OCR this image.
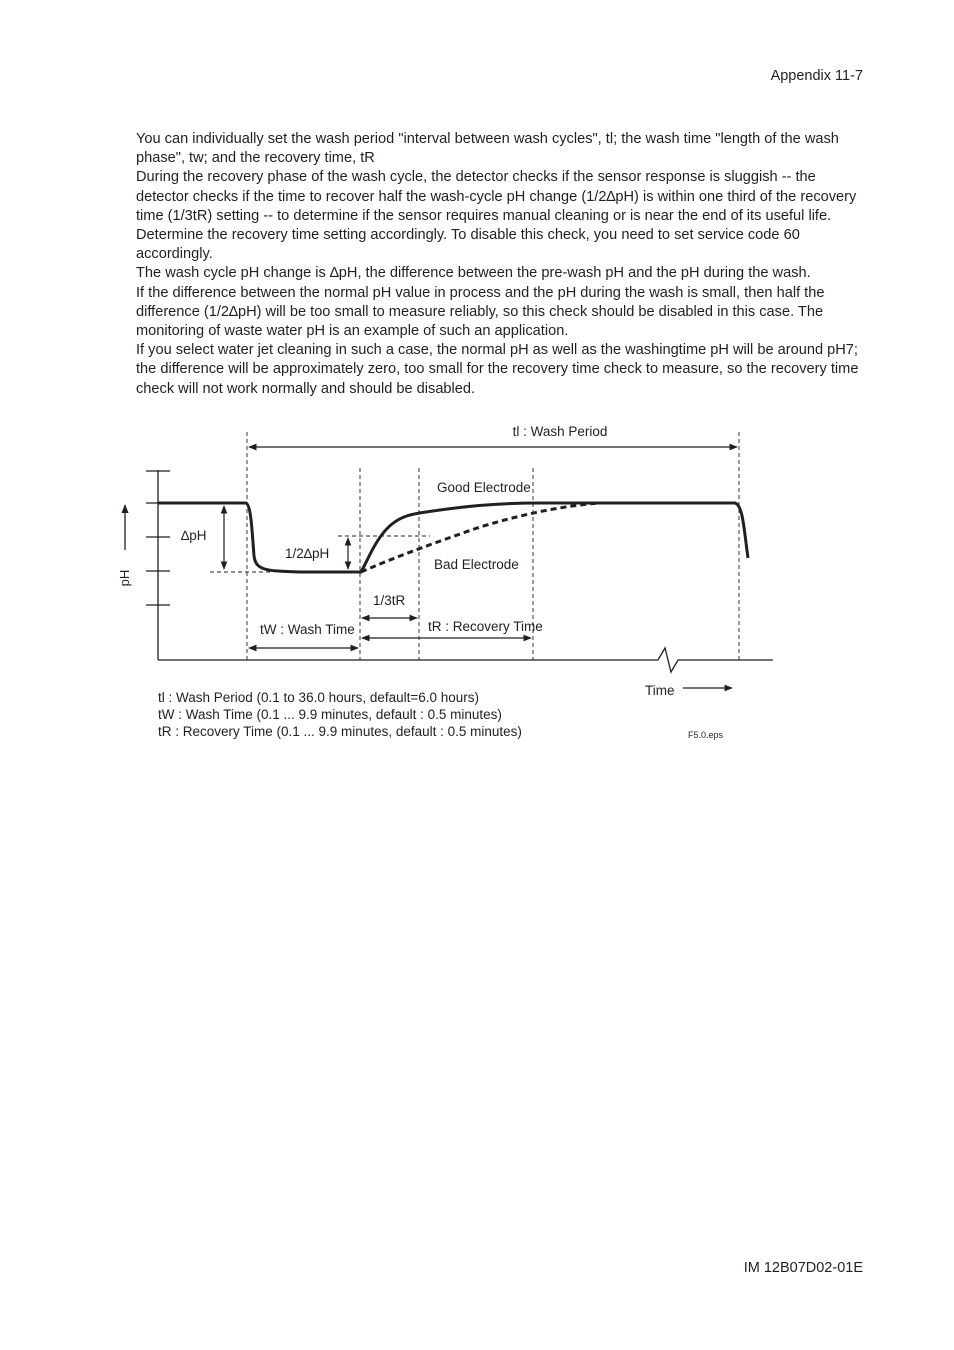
Appendix 11-7

You can individually set the wash period "interval between wash cycles", tl; the wash time "length of the wash phase", tw; and the recovery time, tR

During the recovery phase of the wash cycle, the detector checks if the sensor response is sluggish -- the detector checks if the time to recover half the wash-cycle pH change (1/2∆pH) is within one third of the recovery time (1/3tR) setting -- to determine if the sensor requires manual cleaning or is near the end of its useful life. Determine the recovery time setting accordingly. To disable this check, you need to set service code 60 accordingly.

The wash cycle pH change is ∆pH, the difference between the pre-wash pH and the pH during the wash.

If the difference between the normal pH value in process and the pH during the wash is small, then half the difference (1/2∆pH) will be too small to measure reliably, so this check should be disabled in this case. The monitoring of waste water pH is an example of such an application.

If you select water jet cleaning in such a case, the normal pH as well as the washingtime pH will be around pH7; the difference will be approximately zero, too small for the recovery time check to measure, so the recovery time check will not work normally and should be disabled.

pH
tl : Wash Period
Good Electrode
Bad Electrode
∆pH
1/2∆pH
1/3tR
tW : Wash Time	tR : Recovery Time
Time
tl : Wash Period (0.1 to 36.0 hours, default=6.0 hours)
tW : Wash Time (0.1 ... 9.9 minutes, default : 0.5 minutes)
tR : Recovery Time (0.1 ... 9.9 minutes, default : 0.5 minutes)	F5.0.eps
IM 12B07D02-01E
